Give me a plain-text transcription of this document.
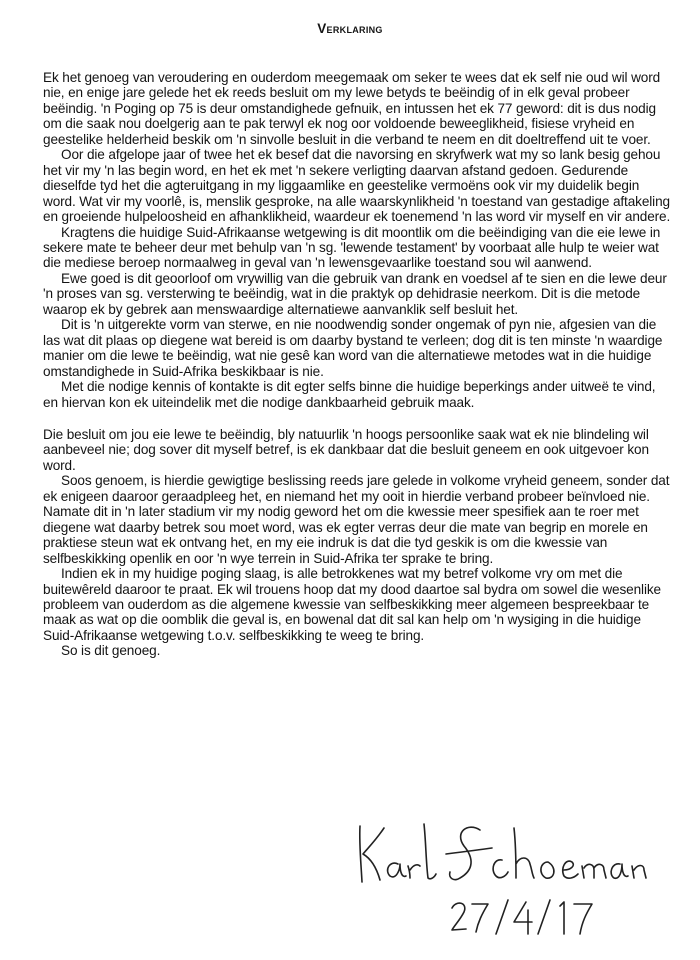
Verklaring

Ek het genoeg van veroudering en ouderdom meegemaak om seker te wees dat ek self nie oud wil word nie, en enige jare gelede het ek reeds besluit om my lewe betyds te beëindig of in elk geval probeer beëindig. 'n Poging op 75 is deur omstandighede gefnuik, en intussen het ek 77 geword: dit is dus nodig om die saak nou doelgerig aan te pak terwyl ek nog oor voldoende beweeglikheid, fisiese vryheid en geestelike helderheid beskik om 'n sinvolle besluit in die verband te neem en dit doeltreffend uit te voer.

Oor die afgelope jaar of twee het ek besef dat die navorsing en skryfwerk wat my so lank besig gehou het vir my 'n las begin word, en het ek met 'n sekere verligting daarvan afstand gedoen. Gedurende dieselfde tyd het die agteruitgang in my liggaamlike en geestelike vermoëns ook vir my duidelik begin word. Wat vir my voorlê, is, menslik gesproke, na alle waarskynlikheid 'n toestand van gestadige aftakeling en groeiende hulpeloosheid en afhanklikheid, waardeur ek toenemend 'n las word vir myself en vir andere.

Kragtens die huidige Suid-Afrikaanse wetgewing is dit moontlik om die beëindiging van die eie lewe in sekere mate te beheer deur met behulp van 'n sg. 'lewende testament' by voorbaat alle hulp te weier wat die mediese beroep normaalweg in geval van 'n lewensgevaarlike toestand sou wil aanwend.

Ewe goed is dit geoorloof om vrywillig van die gebruik van drank en voedsel af te sien en die lewe deur 'n proses van sg. versterwing te beëindig, wat in die praktyk op dehidrasie neerkom. Dit is die metode waarop ek by gebrek aan menswaardige alternatiewe aanvanklik self besluit het.

Dit is 'n uitgerekte vorm van sterwe, en nie noodwendig sonder ongemak of pyn nie, afgesien van die las wat dit plaas op diegene wat bereid is om daarby bystand te verleen; dog dit is ten minste 'n waardige manier om die lewe te beëindig, wat nie gesê kan word van die alternatiewe metodes wat in die huidige omstandighede in Suid-Afrika beskikbaar is nie.

Met die nodige kennis of kontakte is dit egter selfs binne die huidige beperkings ander uitweë te vind, en hiervan kon ek uiteindelik met die nodige dankbaarheid gebruik maak.

Die besluit om jou eie lewe te beëindig, bly natuurlik 'n hoogs persoonlike saak wat ek nie blindeling wil aanbeveel nie; dog sover dit myself betref, is ek dankbaar dat die besluit geneem en ook uitgevoer kon word.

Soos genoem, is hierdie gewigtige beslissing reeds jare gelede in volkome vryheid geneem, sonder dat ek enigeen daaroor geraadpleeg het, en niemand het my ooit in hierdie verband probeer beïnvloed nie. Namate dit in 'n later stadium vir my nodig geword het om die kwessie meer spesifiek aan te roer met diegene wat daarby betrek sou moet word, was ek egter verras deur die mate van begrip en morele en praktiese steun wat ek ontvang het, en my eie indruk is dat die tyd geskik is om die kwessie van selfbeskikking openlik en oor 'n wye terrein in Suid-Afrika ter sprake te bring.

Indien ek in my huidige poging slaag, is alle betrokkenes wat my betref volkome vry om met die buitewêreld daaroor te praat. Ek wil trouens hoop dat my dood daartoe sal bydra om sowel die wesenlike probleem van ouderdom as die algemene kwessie van selfbeskikking meer algemeen bespreekbaar te maak as wat op die oomblik die geval is, en bowenal dat dit sal kan help om 'n wysiging in die huidige Suid-Afrikaanse wetgewing t.o.v. selfbeskikking te weeg te bring.

So is dit genoeg.
